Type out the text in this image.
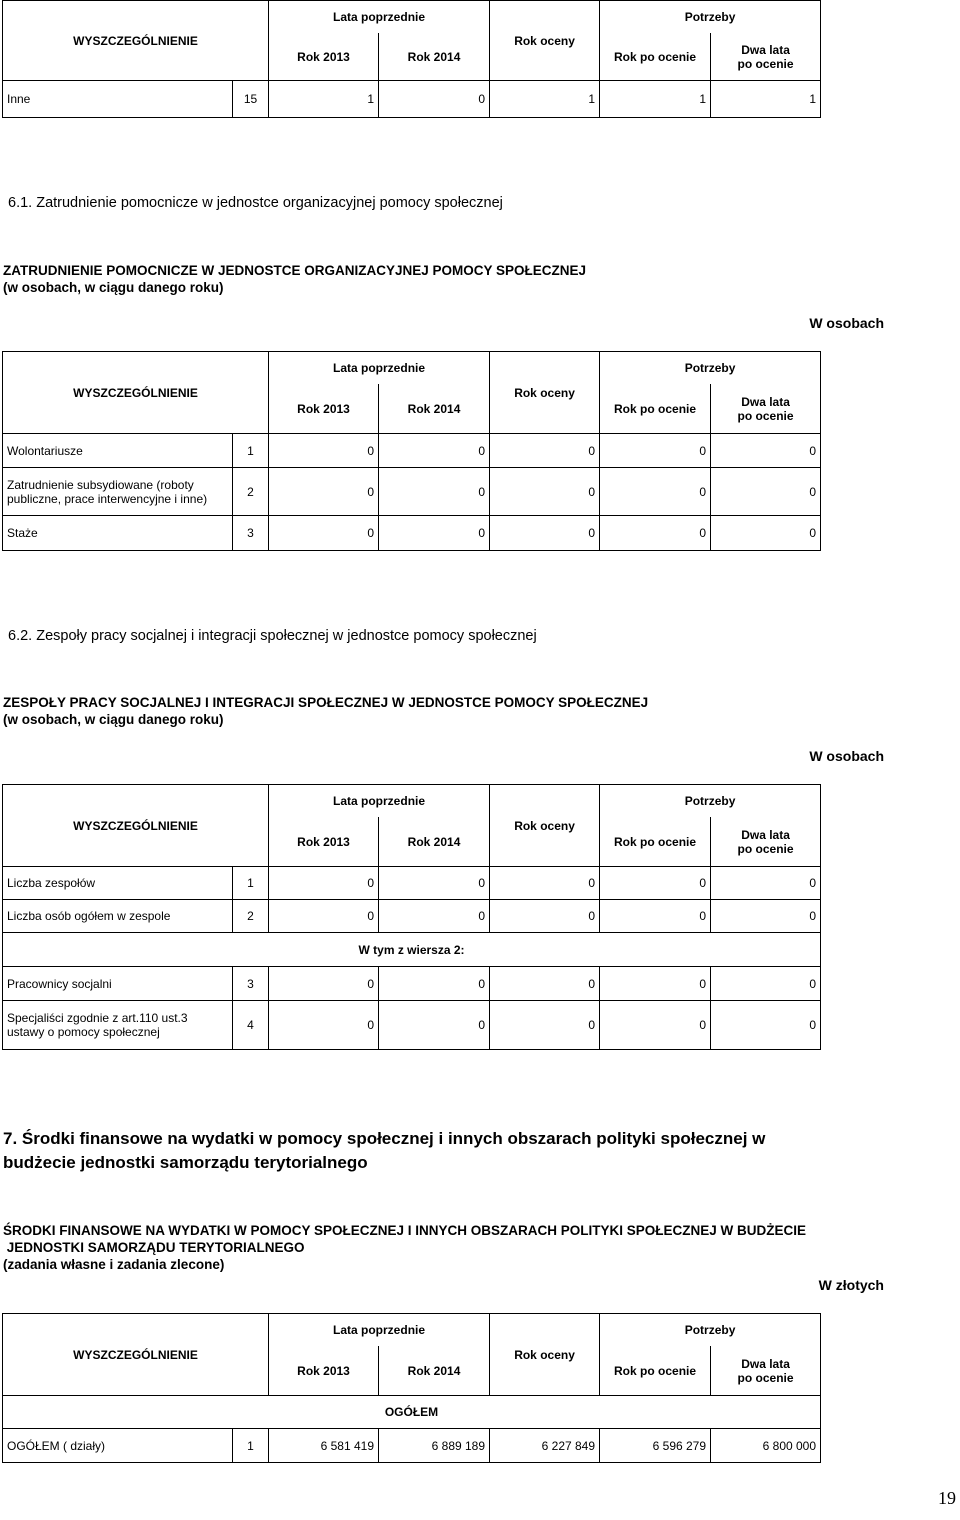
WYSZCZEGÓLNIENIE		Lata poprzednie		Rok oceny	Potrzeby	
		Rok 2013	Rok 2014		Rok po ocenie	Dwa lata
po ocenie
Inne	15	1	0	1	1	1
6.1. Zatrudnienie pomocnicze w jednostce organizacyjnej pomocy społecznej
ZATRUDNIENIE POMOCNICZE W JEDNOSTCE ORGANIZACYJNEJ POMOCY SPOŁECZNEJ
(w osobach, w ciągu danego roku)
W osobach
WYSZCZEGÓLNIENIE		Lata poprzednie		Rok oceny	Potrzeby	
		Rok 2013	Rok 2014		Rok po ocenie	Dwa lata
po ocenie
Wolontariusze	1	0	0	0	0	0
Zatrudnienie subsydiowane (roboty
publiczne, prace interwencyjne i inne)	2	0	0	0	0	0
Staże	3	0	0	0	0	0
6.2. Zespoły pracy socjalnej i integracji społecznej w jednostce pomocy społecznej
ZESPOŁY PRACY SOCJALNEJ I INTEGRACJI SPOŁECZNEJ W JEDNOSTCE POMOCY SPOŁECZNEJ
(w osobach, w ciągu danego roku)
W osobach
WYSZCZEGÓLNIENIE		Lata poprzednie		Rok oceny	Potrzeby	
		Rok 2013	Rok 2014		Rok po ocenie	Dwa lata
po ocenie
Liczba zespołów	1	0	0	0	0	0
Liczba osób ogółem w zespole	2	0	0	0	0	0
W tym z wiersza 2:						
Pracownicy socjalni	3	0	0	0	0	0
Specjaliści zgodnie z art.110 ust.3
ustawy o pomocy społecznej	4	0	0	0	0	0
7. Środki finansowe na wydatki w pomocy społecznej i innych obszarach polityki społecznej w
budżecie jednostki samorządu terytorialnego
ŚRODKI FINANSOWE NA WYDATKI W POMOCY SPOŁECZNEJ I INNYCH OBSZARACH POLITYKI SPOŁECZNEJ W BUDŻECIE
JEDNOSTKI SAMORZĄDU TERYTORIALNEGO
(zadania własne i zadania zlecone)
W złotych
WYSZCZEGÓLNIENIE		Lata poprzednie		Rok oceny	Potrzeby	
		Rok 2013	Rok 2014		Rok po ocenie	Dwa lata
po ocenie
OGÓŁEM						
OGÓŁEM ( działy)	1	6 581 419	6 889 189	6 227 849	6 596 279	6 800 000
19
